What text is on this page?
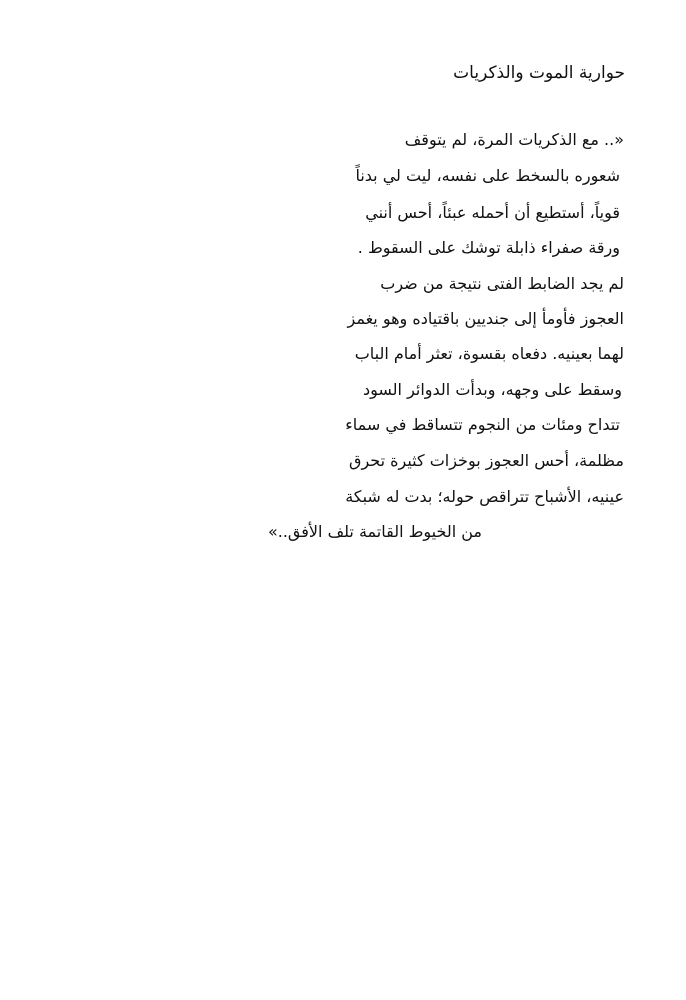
حوارية الموت والذكريات
«.. مع الذكريات المرة، لم يتوقف
شعوره بالسخط على نفسه، ليت لي بدناً
قوياً، أستطيع أن أحمله عبئاً، أحس أنني
ورقة صفراء ذابلة توشك على السقوط .
لم يجد الضابط الفتى نتيجة من ضرب
العجوز فأومأ إلى جنديين باقتياده وهو يغمز
لهما بعينيه. دفعاه بقسوة، تعثر أمام الباب
وسقط على وجهه، وبدأت الدوائر السود
تتداح ومئات من النجوم تتساقط في سماء
مظلمة، أحس العجوز بوخزات كثيرة تحرق
عينيه، الأشباح تتراقص حوله؛ بدت له شبكة
من الخيوط القاتمة تلف الأفق..»
